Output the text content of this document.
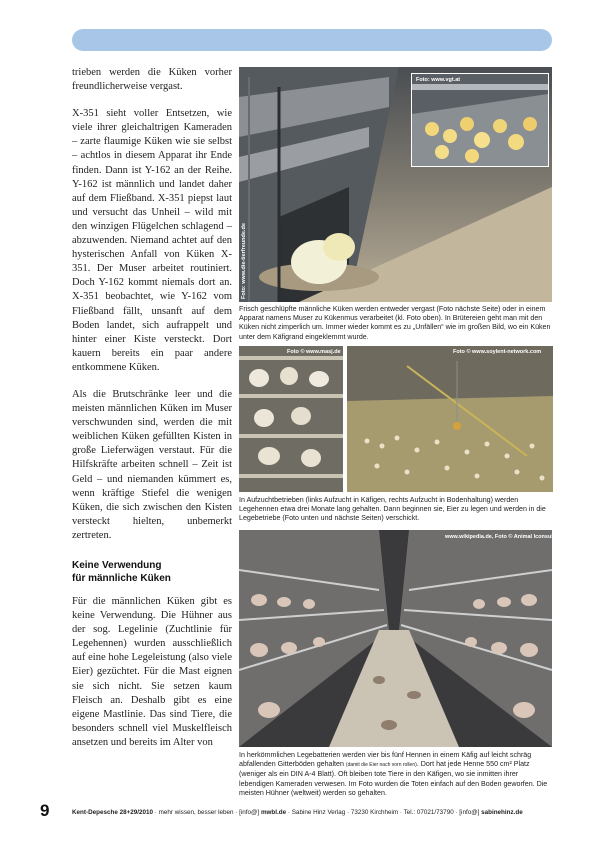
trieben werden die Küken vorher freundlicherweise vergast.

X-351 sieht voller Entsetzen, wie viele ihrer gleichaltrigen Kameraden – zarte flaumige Küken wie sie selbst – achtlos in diesem Apparat ihr Ende finden. Dann ist Y-162 an der Reihe. Y-162 ist männlich und landet daher auf dem Fließband. X-351 piepst laut und versucht das Unheil – wild mit den winzigen Flügelchen schlagend – abzuwenden. Niemand achtet auf den hysterischen Anfall von Küken X-351. Der Muser arbeitet routiniert. Doch Y-162 kommt niemals dort an. X-351 beobachtet, wie Y-162 vom Fließband fällt, unsanft auf dem Boden landet, sich aufrappelt und hinter einer Kiste versteckt. Dort kauern bereits ein paar andere entkommene Küken.

Als die Brutschränke leer und die meisten männlichen Küken im Muser verschwunden sind, werden die mit weiblichen Küken gefüllten Kisten in große Lieferwägen verstaut. Für die Hilfskräfte arbeiten schnell – Zeit ist Geld – und niemanden kümmert es, wenn kräftige Stiefel die wenigen Küken, die sich zwischen den Kisten versteckt hielten, unbemerkt zertreten.

Keine Verwendung
für männliche Küken

Für die männlichen Küken gibt es keine Verwendung. Die Hühner aus der sog. Legelinie (Zuchtlinie für Legehennen) wurden ausschließlich auf eine hohe Legeleistung (also viele Eier) gezüchtet. Für die Mast eignen sie sich nicht. Sie setzen kaum Fleisch an. Deshalb gibt es eine eigene Mastlinie. Das sind Tiere, die besonders schnell viel Muskelfleisch ansetzen und bereits im Alter von

Foto: www.vgt.at
Foto: www.die-tierfreunde.de
Frisch geschlüpfte männliche Küken werden entweder vergast (Foto nächste Seite) oder in einem Apparat namens Muser zu Kükenmus verarbeitet (kl. Foto oben). In Brütereien geht man mit den Küken nicht zimperlich um. Immer wieder kommt es zu „Unfällen“ wie im großen Bild, wo ein Küken unter dem Käfigrand eingeklemmt wurde.
Foto © www.masj.de	Foto © www.soylent-network.com
In Aufzuchtbetrieben (links Aufzucht in Käfigen, rechts Aufzucht in Bodenhaltung) werden Legehennen etwa drei Monate lang gehalten. Dann beginnen sie, Eier zu legen und werden in die Legebetriebe (Foto unten und nächste Seiten) verschickt.
www.wikipedia.de, Foto © Animal Iconsult 006
In herkömmlichen Legebatterien werden vier bis fünf Hennen in einem Käfig auf leicht schräg abfallenden Gitterböden gehalten (damit die Eier nach vorn rollen). Dort hat jede Henne 550 cm² Platz (weniger als ein DIN A-4 Blatt). Oft bleiben tote Tiere in den Käfigen, wo sie inmitten ihrer lebendigen Kameraden verwesen. Im Foto wurden die Toten einfach auf den Boden geworfen. Die meisten Hühner (weltweit) werden so gehalten.
9	Kent-Depesche 28+29/2010 · mehr wissen, besser leben · [info@] mwbl.de · Sabine Hinz Verlag · 73230 Kirchheim · Tel.: 07021/73790 · [info@] sabinehinz.de
